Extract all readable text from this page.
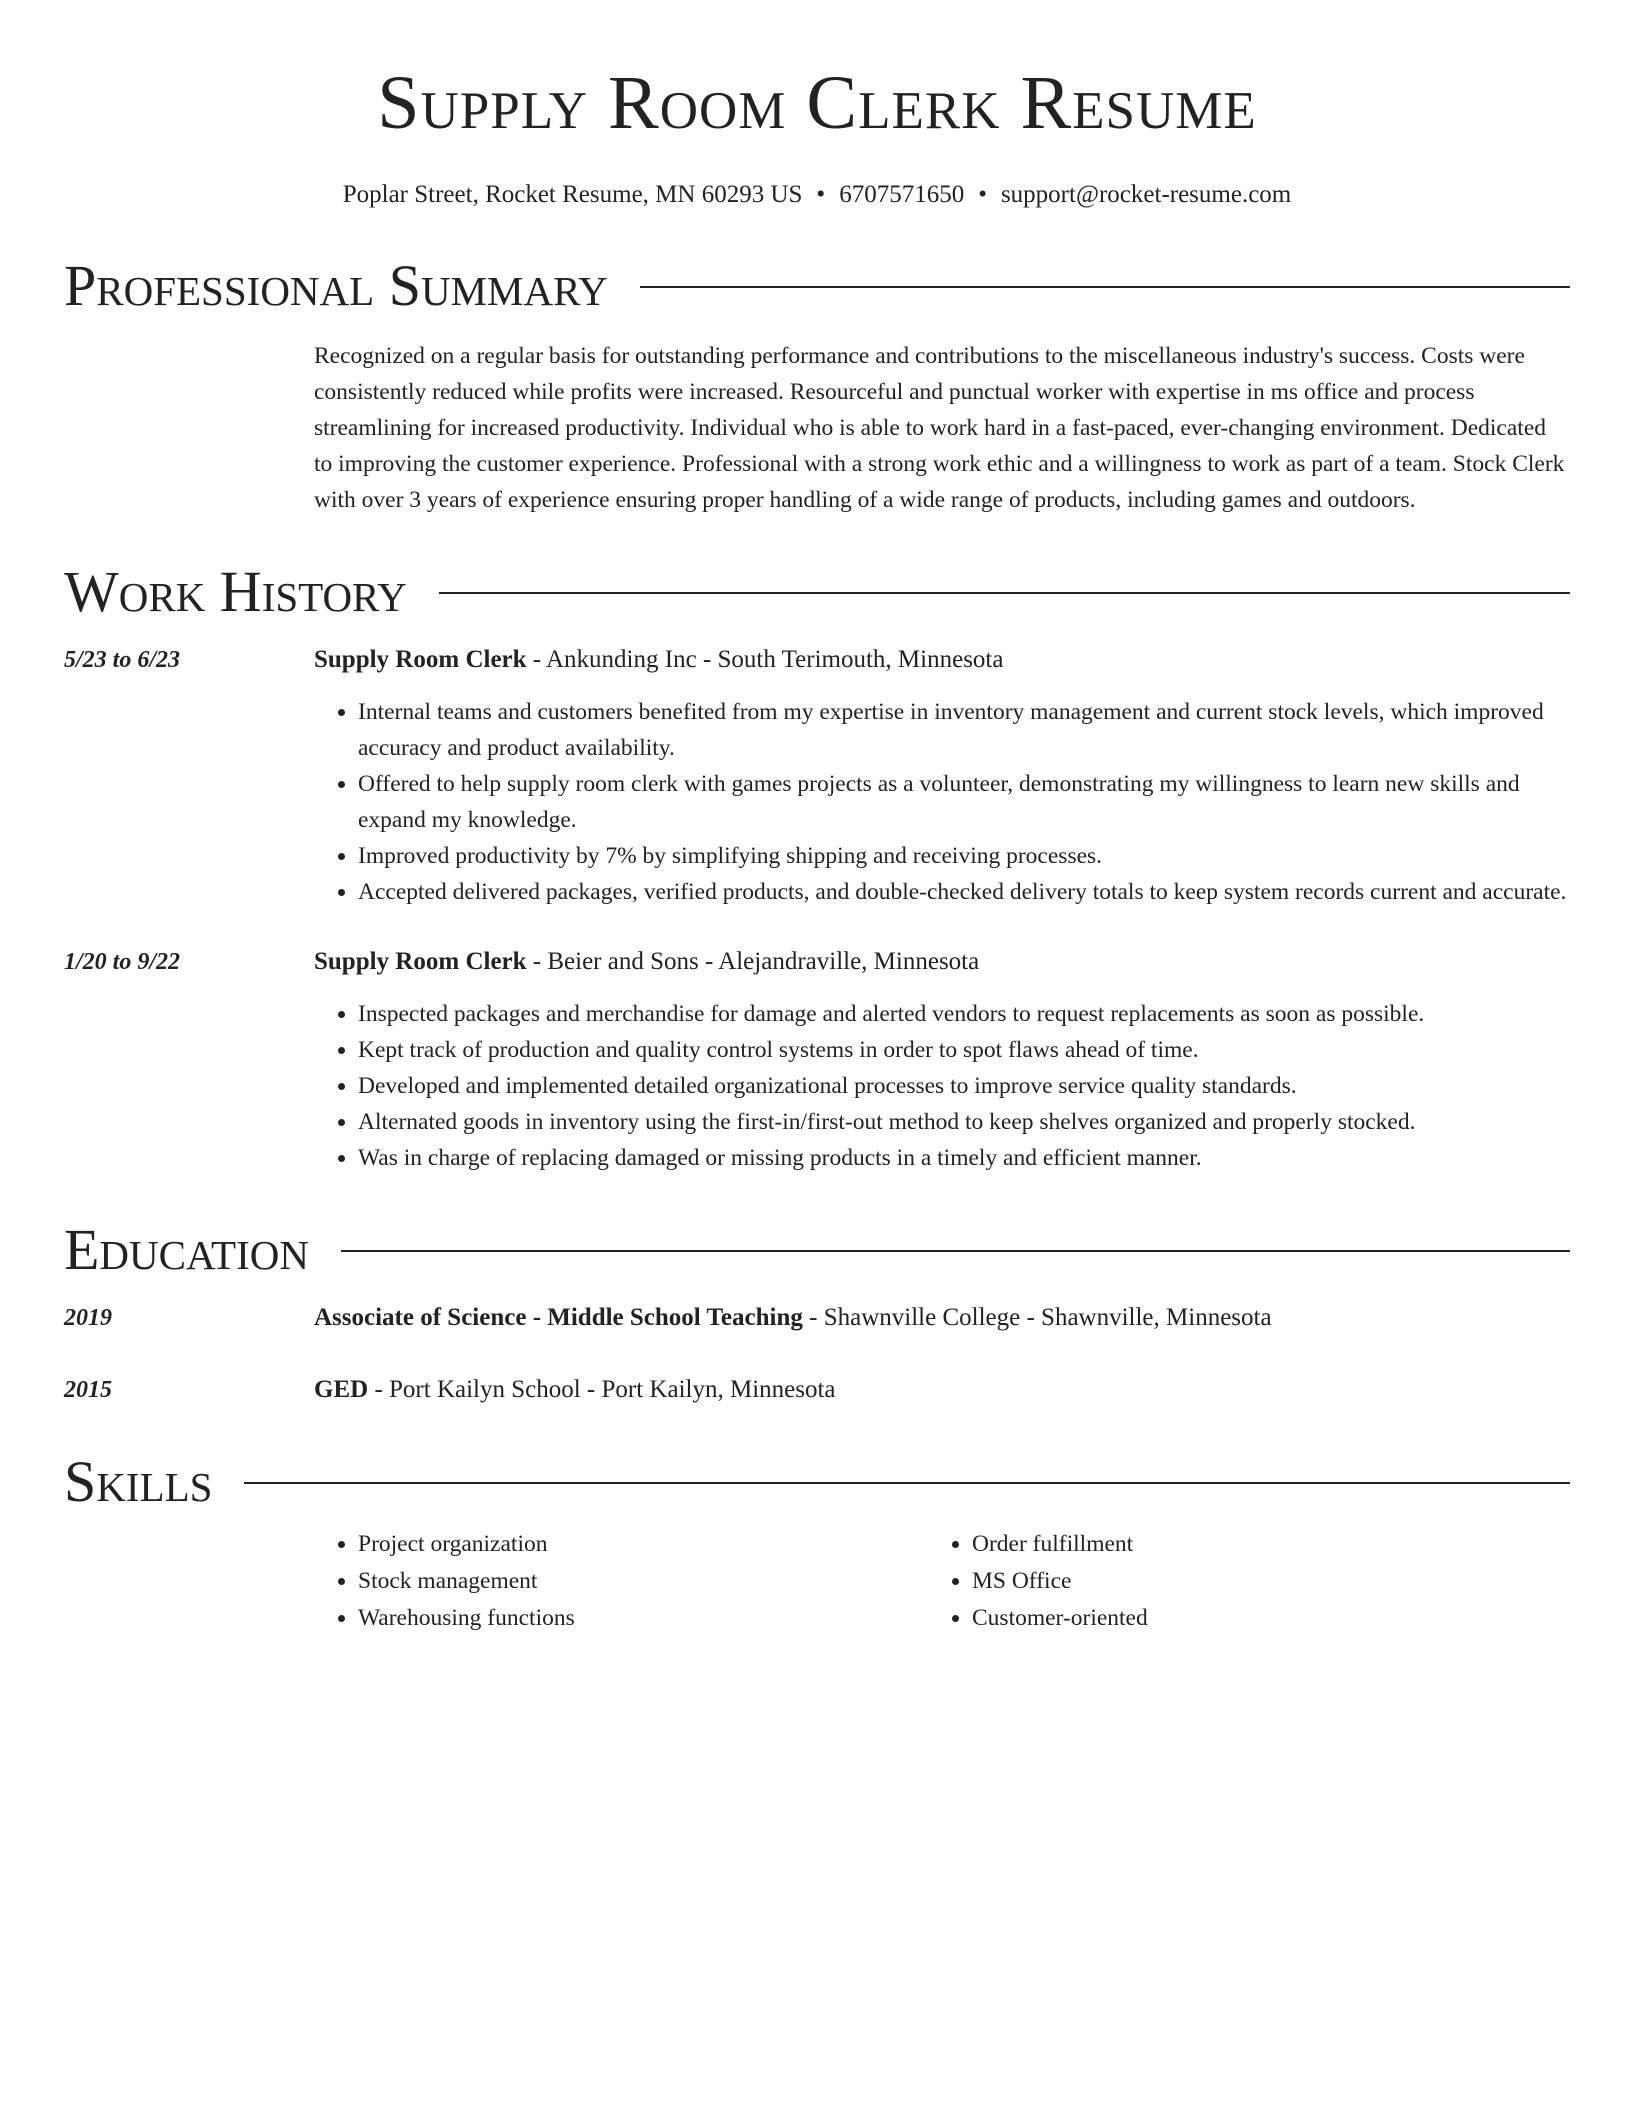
Supply Room Clerk Resume
Poplar Street, Rocket Resume, MN 60293 US • 6707571650 • support@rocket-resume.com
Professional Summary
Recognized on a regular basis for outstanding performance and contributions to the miscellaneous industry's success. Costs were consistently reduced while profits were increased. Resourceful and punctual worker with expertise in ms office and process streamlining for increased productivity. Individual who is able to work hard in a fast-paced, ever-changing environment. Dedicated to improving the customer experience. Professional with a strong work ethic and a willingness to work as part of a team. Stock Clerk with over 3 years of experience ensuring proper handling of a wide range of products, including games and outdoors.
Work History
5/23 to 6/23	Supply Room Clerk - Ankunding Inc - South Terimouth, Minnesota
• Internal teams and customers benefited from my expertise in inventory management and current stock levels, which improved accuracy and product availability.
• Offered to help supply room clerk with games projects as a volunteer, demonstrating my willingness to learn new skills and expand my knowledge.
• Improved productivity by 7% by simplifying shipping and receiving processes.
• Accepted delivered packages, verified products, and double-checked delivery totals to keep system records current and accurate.
1/20 to 9/22	Supply Room Clerk - Beier and Sons - Alejandraville, Minnesota
• Inspected packages and merchandise for damage and alerted vendors to request replacements as soon as possible.
• Kept track of production and quality control systems in order to spot flaws ahead of time.
• Developed and implemented detailed organizational processes to improve service quality standards.
• Alternated goods in inventory using the first-in/first-out method to keep shelves organized and properly stocked.
• Was in charge of replacing damaged or missing products in a timely and efficient manner.
Education
2019	Associate of Science - Middle School Teaching - Shawnville College - Shawnville, Minnesota
2015	GED - Port Kailyn School - Port Kailyn, Minnesota
Skills
• Project organization
• Stock management
• Warehousing functions
• Order fulfillment
• MS Office
• Customer-oriented
